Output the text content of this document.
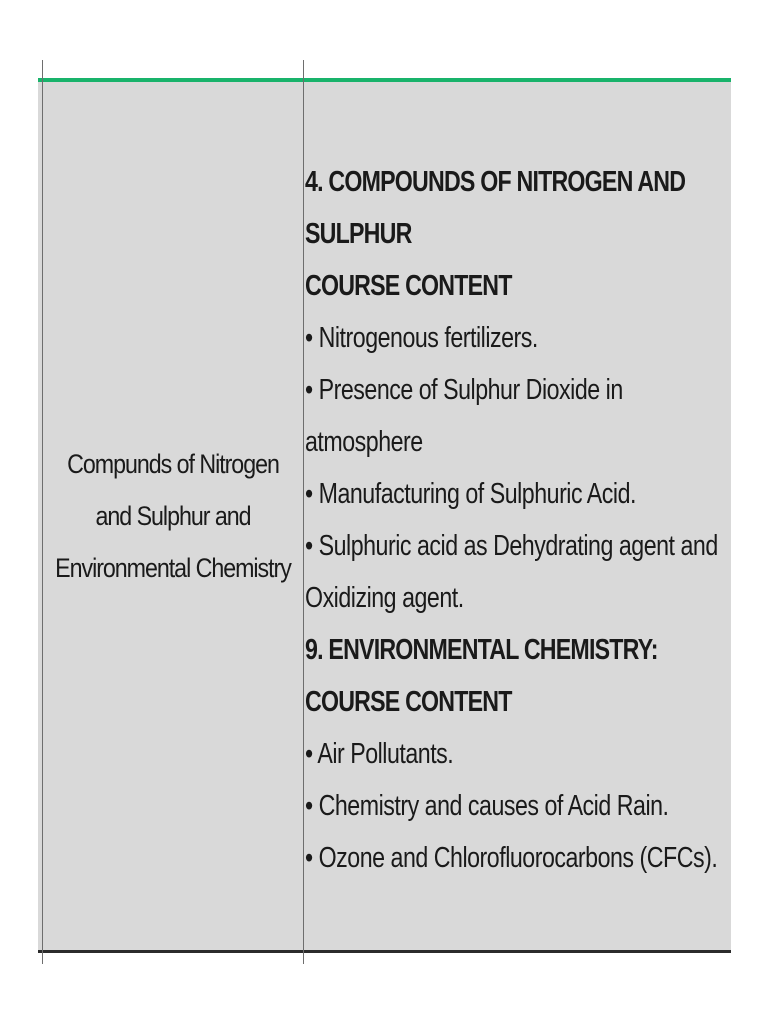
Compunds of Nitrogen
and Sulphur and
Environmental Chemistry
4. COMPOUNDS OF NITROGEN AND
SULPHUR
COURSE CONTENT
• Nitrogenous fertilizers.
• Presence of Sulphur Dioxide in
atmosphere
• Manufacturing of Sulphuric Acid.
• Sulphuric acid as Dehydrating agent and
Oxidizing agent.
9. ENVIRONMENTAL CHEMISTRY:
COURSE CONTENT
• Air Pollutants.
• Chemistry and causes of Acid Rain.
• Ozone and Chlorofluorocarbons (CFCs).
